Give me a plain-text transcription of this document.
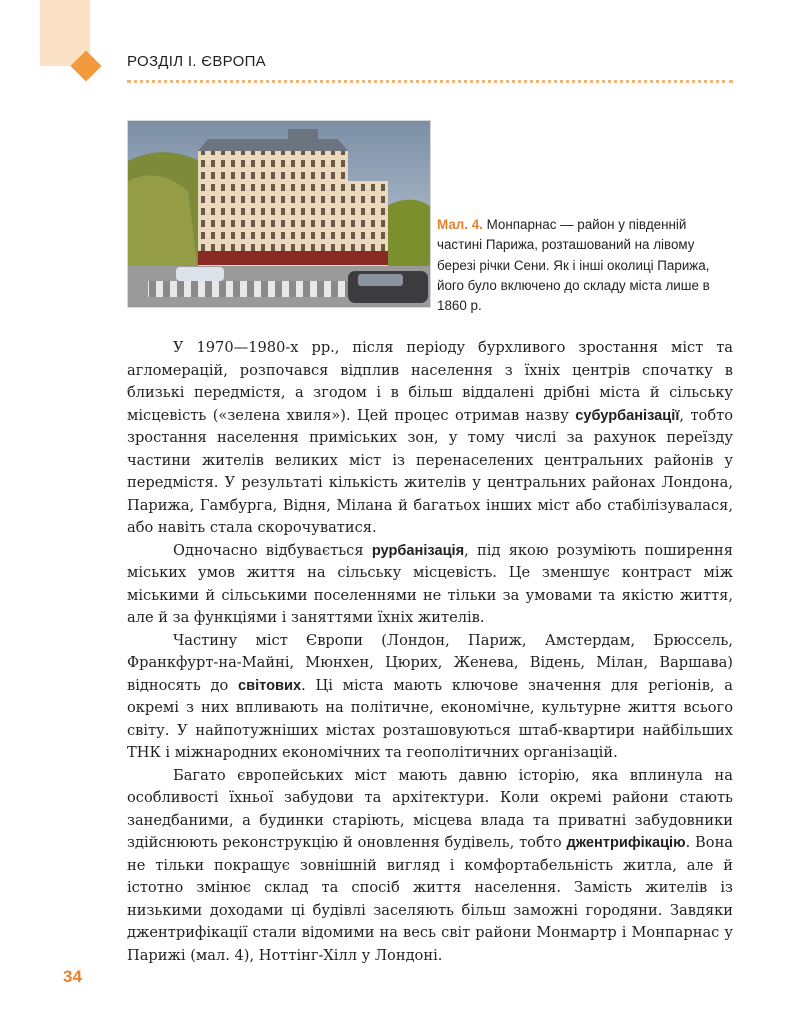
РОЗДІЛ І. ЄВРОПА
Мал. 4. Монпарнас — район у південній частині Парижа, розташований на лівому березі річки Сени. Як і інші околиці Парижа, його було включено до складу міста лише в 1860 р.

У 1970—1980-х рр., після періоду бурхливого зростання міст та агломерацій, розпочався відплив населення з їхніх центрів спочатку в близькі передмістя, а згодом і в більш віддалені дрібні міста й сільську місцевість («зелена хвиля»). Цей процес отримав назву субурбанізації, тобто зростання населення приміських зон, у тому числі за рахунок переїзду частини жителів великих міст із перенаселених центральних районів у передмістя. У результаті кількість жителів у центральних районах Лондона, Парижа, Гамбурга, Відня, Мілана й багатьох інших міст або стабілізувалася, або навіть стала скорочуватися.

Одночасно відбувається рурбанізація, під якою розуміють поширення міських умов життя на сільську місцевість. Це зменшує контраст між міськими й сільськими поселеннями не тільки за умовами та якістю життя, але й за функціями і заняттями їхніх жителів.

Частину міст Європи (Лондон, Париж, Амстердам, Брюссель, Франкфурт-на-Майні, Мюнхен, Цюрих, Женева, Відень, Мілан, Варшава) відносять до світових. Ці міста мають ключове значення для регіонів, а окремі з них впливають на політичне, економічне, культурне життя всього світу. У найпотужніших містах розташовуються штаб-квартири найбільших ТНК і міжнародних економічних та геополітичних організацій.

Багато європейських міст мають давню історію, яка вплинула на особливості їхньої забудови та архітектури. Коли окремі райони стають занедбаними, а будинки старіють, місцева влада та приватні забудовники здійснюють реконструкцію й оновлення будівель, тобто джентрифікацію. Вона не тільки покращує зовнішній вигляд і комфортабельність житла, але й істотно змінює склад та спосіб життя населення. Замість жителів із низькими доходами ці будівлі заселяють більш заможні городяни. Завдяки джентрифікації стали відомими на весь світ райони Монмартр і Монпарнас у Парижі (мал. 4), Ноттінг-Хілл у Лондоні.

34
